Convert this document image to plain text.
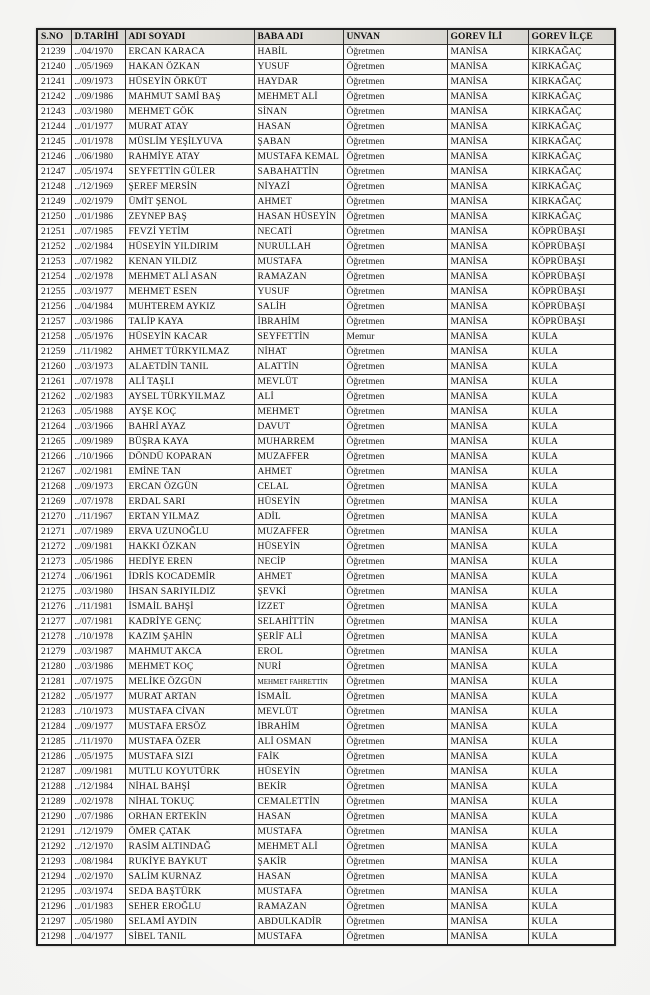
S.NO	D.TARİHİ	ADI SOYADI	BABA ADI	UNVAN	GOREV İLİ	GOREV İLÇE
21239	../04/1970	ERCAN KARACA	HABİL	Öğretmen	MANİSA	KIRKAĞAÇ
21240	../05/1969	HAKAN ÖZKAN	YUSUF	Öğretmen	MANİSA	KIRKAĞAÇ
21241	../09/1973	HÜSEYİN ÖRKÜT	HAYDAR	Öğretmen	MANİSA	KIRKAĞAÇ
21242	../09/1986	MAHMUT SAMİ BAŞ	MEHMET ALİ	Öğretmen	MANİSA	KIRKAĞAÇ
21243	../03/1980	MEHMET GÖK	SİNAN	Öğretmen	MANİSA	KIRKAĞAÇ
21244	../01/1977	MURAT ATAY	HASAN	Öğretmen	MANİSA	KIRKAĞAÇ
21245	../01/1978	MÜSLİM YEŞİLYUVA	ŞABAN	Öğretmen	MANİSA	KIRKAĞAÇ
21246	../06/1980	RAHMİYE ATAY	MUSTAFA KEMAL	Öğretmen	MANİSA	KIRKAĞAÇ
21247	../05/1974	SEYFETTİN GÜLER	SABAHATTİN	Öğretmen	MANİSA	KIRKAĞAÇ
21248	../12/1969	ŞEREF MERSİN	NİYAZİ	Öğretmen	MANİSA	KIRKAĞAÇ
21249	../02/1979	ÜMİT ŞENOL	AHMET	Öğretmen	MANİSA	KIRKAĞAÇ
21250	../01/1986	ZEYNEP BAŞ	HASAN HÜSEYİN	Öğretmen	MANİSA	KIRKAĞAÇ
21251	../07/1985	FEVZİ YETİM	NECATİ	Öğretmen	MANİSA	KÖPRÜBAŞI
21252	../02/1984	HÜSEYİN YILDIRIM	NURULLAH	Öğretmen	MANİSA	KÖPRÜBAŞI
21253	../07/1982	KENAN YILDIZ	MUSTAFA	Öğretmen	MANİSA	KÖPRÜBAŞI
21254	../02/1978	MEHMET ALİ ASAN	RAMAZAN	Öğretmen	MANİSA	KÖPRÜBAŞI
21255	../03/1977	MEHMET ESEN	YUSUF	Öğretmen	MANİSA	KÖPRÜBAŞI
21256	../04/1984	MUHTEREM AYKIZ	SALİH	Öğretmen	MANİSA	KÖPRÜBAŞI
21257	../03/1986	TALİP KAYA	İBRAHİM	Öğretmen	MANİSA	KÖPRÜBAŞI
21258	../05/1976	HÜSEYİN KACAR	SEYFETTİN	Memur	MANİSA	KULA
21259	../11/1982	AHMET TÜRKYILMAZ	NİHAT	Öğretmen	MANİSA	KULA
21260	../03/1973	ALAETDİN TANIL	ALATTİN	Öğretmen	MANİSA	KULA
21261	../07/1978	ALİ TAŞLI	MEVLÜT	Öğretmen	MANİSA	KULA
21262	../02/1983	AYSEL TÜRKYILMAZ	ALİ	Öğretmen	MANİSA	KULA
21263	../05/1988	AYŞE KOÇ	MEHMET	Öğretmen	MANİSA	KULA
21264	../03/1966	BAHRİ AYAZ	DAVUT	Öğretmen	MANİSA	KULA
21265	../09/1989	BÜŞRA KAYA	MUHARREM	Öğretmen	MANİSA	KULA
21266	../10/1966	DÖNDÜ KOPARAN	MUZAFFER	Öğretmen	MANİSA	KULA
21267	../02/1981	EMİNE TAN	AHMET	Öğretmen	MANİSA	KULA
21268	../09/1973	ERCAN ÖZGÜN	CELAL	Öğretmen	MANİSA	KULA
21269	../07/1978	ERDAL SARI	HÜSEYİN	Öğretmen	MANİSA	KULA
21270	../11/1967	ERTAN YILMAZ	ADİL	Öğretmen	MANİSA	KULA
21271	../07/1989	ERVA UZUNOĞLU	MUZAFFER	Öğretmen	MANİSA	KULA
21272	../09/1981	HAKKI ÖZKAN	HÜSEYİN	Öğretmen	MANİSA	KULA
21273	../05/1986	HEDİYE EREN	NECİP	Öğretmen	MANİSA	KULA
21274	../06/1961	İDRİS KOCADEMİR	AHMET	Öğretmen	MANİSA	KULA
21275	../03/1980	İHSAN SARIYILDIZ	ŞEVKİ	Öğretmen	MANİSA	KULA
21276	../11/1981	İSMAİL BAHŞİ	İZZET	Öğretmen	MANİSA	KULA
21277	../07/1981	KADRİYE GENÇ	SELAHİTTİN	Öğretmen	MANİSA	KULA
21278	../10/1978	KAZIM ŞAHİN	ŞERİF ALİ	Öğretmen	MANİSA	KULA
21279	../03/1987	MAHMUT AKCA	EROL	Öğretmen	MANİSA	KULA
21280	../03/1986	MEHMET KOÇ	NURİ	Öğretmen	MANİSA	KULA
21281	../07/1975	MELİKE ÖZGÜN	MEHMET FAHRETTİN	Öğretmen	MANİSA	KULA
21282	../05/1977	MURAT ARTAN	İSMAİL	Öğretmen	MANİSA	KULA
21283	../10/1973	MUSTAFA CİVAN	MEVLÜT	Öğretmen	MANİSA	KULA
21284	../09/1977	MUSTAFA ERSÖZ	İBRAHİM	Öğretmen	MANİSA	KULA
21285	../11/1970	MUSTAFA ÖZER	ALİ OSMAN	Öğretmen	MANİSA	KULA
21286	../05/1975	MUSTAFA SIZI	FAİK	Öğretmen	MANİSA	KULA
21287	../09/1981	MUTLU KOYUTÜRK	HÜSEYİN	Öğretmen	MANİSA	KULA
21288	../12/1984	NİHAL BAHŞİ	BEKİR	Öğretmen	MANİSA	KULA
21289	../02/1978	NİHAL TOKUÇ	CEMALETTİN	Öğretmen	MANİSA	KULA
21290	../07/1986	ORHAN ERTEKİN	HASAN	Öğretmen	MANİSA	KULA
21291	../12/1979	ÖMER ÇATAK	MUSTAFA	Öğretmen	MANİSA	KULA
21292	../12/1970	RASİM ALTINDAĞ	MEHMET ALİ	Öğretmen	MANİSA	KULA
21293	../08/1984	RUKİYE BAYKUT	ŞAKİR	Öğretmen	MANİSA	KULA
21294	../02/1970	SALİM KURNAZ	HASAN	Öğretmen	MANİSA	KULA
21295	../03/1974	SEDA BAŞTÜRK	MUSTAFA	Öğretmen	MANİSA	KULA
21296	../01/1983	SEHER EROĞLU	RAMAZAN	Öğretmen	MANİSA	KULA
21297	../05/1980	SELAMİ AYDIN	ABDULKADİR	Öğretmen	MANİSA	KULA
21298	../04/1977	SİBEL TANIL	MUSTAFA	Öğretmen	MANİSA	KULA
